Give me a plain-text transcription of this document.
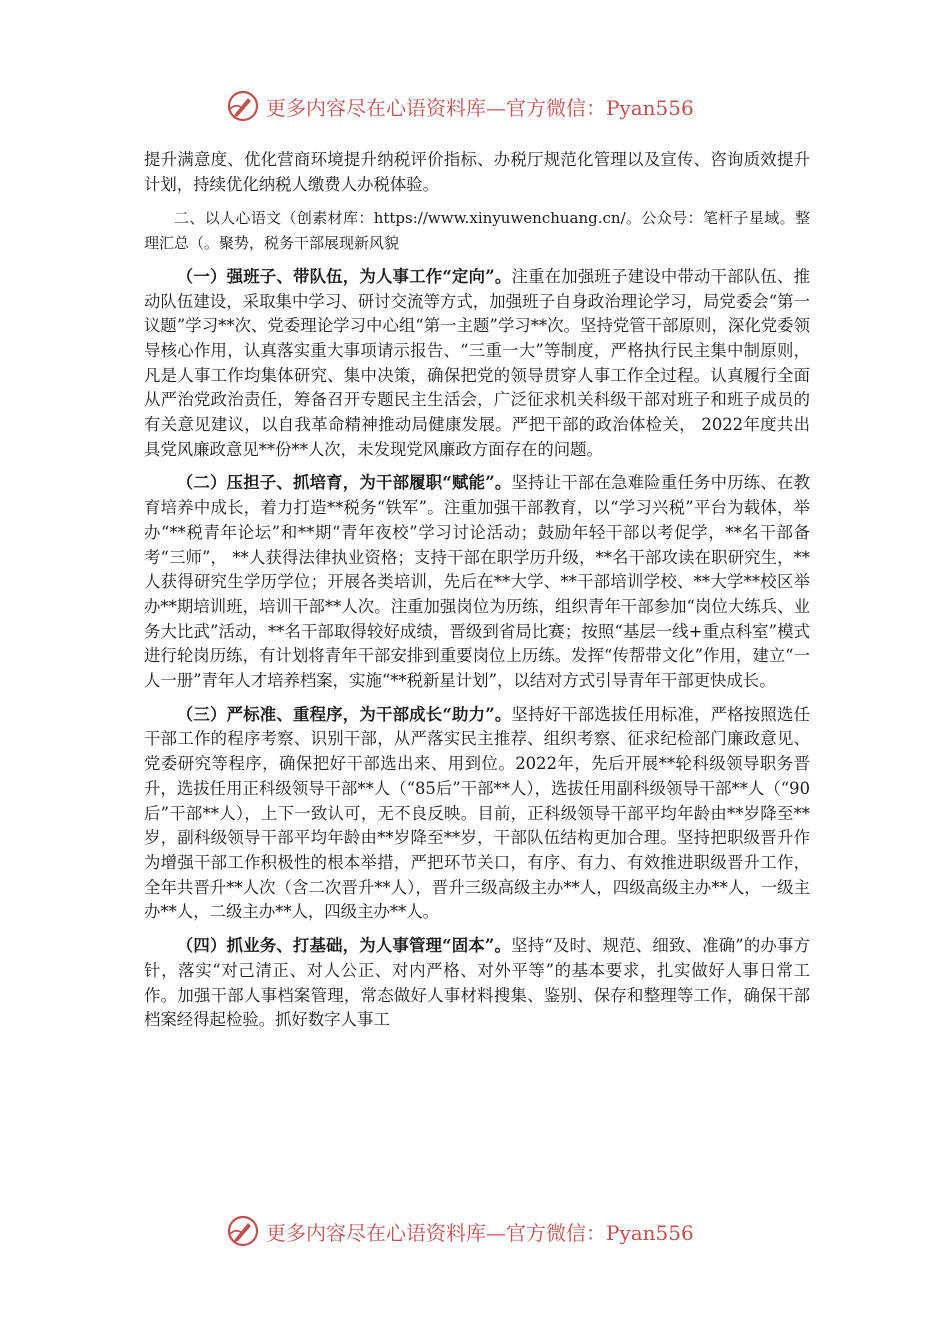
更多内容尽在心语资料库—官方微信：Pyan556

提升满意度、优化营商环境提升纳税评价指标、办税厅规范化管理以及宣传、咨询质效提升计划，持续优化纳税人缴费人办税体验。

二、以人心语文（创素材库：https://www.xinyuwenchuang.cn/。公众号：笔杆子星域。整理汇总（。聚势，税务干部展现新风貌

（一）强班子、带队伍，为人事工作“定向”。注重在加强班子建设中带动干部队伍、推动队伍建设，采取集中学习、研讨交流等方式，加强班子自身政治理论学习，局党委会“第一议题”学习**次、党委理论学习中心组“第一主题”学习**次。坚持党管干部原则，深化党委领导核心作用，认真落实重大事项请示报告、“三重一大”等制度，严格执行民主集中制原则，凡是人事工作均集体研究、集中决策，确保把党的领导贯穿人事工作全过程。认真履行全面从严治党政治责任，筹备召开专题民主生活会，广泛征求机关科级干部对班子和班子成员的有关意见建议，以自我革命精神推动局健康发展。严把干部的政治体检关， 2022年度共出具党风廉政意见**份**人次，未发现党风廉政方面存在的问题。

（二）压担子、抓培育，为干部履职“赋能”。坚持让干部在急难险重任务中历练、在教育培养中成长，着力打造**税务“铁军”。注重加强干部教育，以“学习兴税”平台为载体，举办“**税青年论坛”和**期“青年夜校”学习讨论活动；鼓励年轻干部以考促学，**名干部备考“三师”， **人获得法律执业资格；支持干部在职学历升级，**名干部攻读在职研究生，**人获得研究生学历学位；开展各类培训，先后在**大学、**干部培训学校、**大学**校区举办**期培训班，培训干部**人次。注重加强岗位为历练，组织青年干部参加“岗位大练兵、业务大比武”活动，**名干部取得较好成绩，晋级到省局比赛；按照“基层一线+重点科室”模式进行轮岗历练，有计划将青年干部安排到重要岗位上历练。发挥“传帮带文化”作用，建立“一人一册”青年人才培养档案，实施“**税新星计划”，以结对方式引导青年干部更快成长。

（三）严标准、重程序，为干部成长“助力”。坚持好干部选拔任用标准，严格按照选任干部工作的程序考察、识别干部，从严落实民主推荐、组织考察、征求纪检部门廉政意见、党委研究等程序，确保把好干部选出来、用到位。2022年，先后开展**轮科级领导职务晋升，选拔任用正科级领导干部**人（“85后”干部**人），选拔任用副科级领导干部**人（“90后”干部**人），上下一致认可，无不良反映。目前，正科级领导干部平均年龄由**岁降至**岁，副科级领导干部平均年龄由**岁降至**岁，干部队伍结构更加合理。坚持把职级晋升作为增强干部工作积极性的根本举措，严把环节关口，有序、有力、有效推进职级晋升工作，全年共晋升**人次（含二次晋升**人），晋升三级高级主办**人，四级高级主办**人，一级主办**人，二级主办**人，四级主办**人。

（四）抓业务、打基础，为人事管理“固本”。坚持“及时、规范、细致、准确”的办事方针，落实“对己清正、对人公正、对内严格、对外平等”的基本要求，扎实做好人事日常工作。加强干部人事档案管理，常态做好人事材料搜集、鉴别、保存和整理等工作，确保干部档案经得起检验。抓好数字人事工

更多内容尽在心语资料库—官方微信：Pyan556
